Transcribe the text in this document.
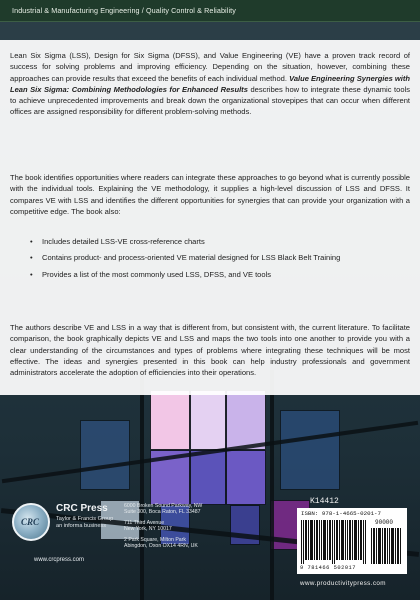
Industrial & Manufacturing Engineering / Quality Control & Reliability

Lean Six Sigma (LSS), Design for Six Sigma (DFSS), and Value Engineering (VE) have a proven track record of success for solving problems and improving efficiency. Depending on the situation, however, combining these approaches can provide results that exceed the benefits of each individual method. Value Engineering Synergies with Lean Six Sigma: Combining Methodologies for Enhanced Results describes how to integrate these dynamic tools to achieve unprecedented improvements and break down the organizational stovepipes that can occur when different offices are assigned responsibility for different problem-solving methods.

The book identifies opportunities where readers can integrate these approaches to go beyond what is currently possible with the individual tools. Explaining the VE methodology, it supplies a high-level discussion of LSS and DFSS. It compares VE with LSS and identifies the different opportunities for synergies that can provide your organization with a competitive edge. The book also:

• Includes detailed LSS-VE cross-reference charts
• Contains product- and process-oriented VE material designed for LSS Black Belt Training
• Provides a list of the most commonly used LSS, DFSS, and VE tools

The authors describe VE and LSS in a way that is different from, but consistent with, the current literature. To facilitate comparison, the book graphically depicts VE and LSS and maps the two tools into one another to provide you with a clear understanding of the circumstances and types of problems where integrating these techniques will be most effective. The ideas and synergies presented in this book can help industry professionals and government administrators accelerate the adoption of efficiencies into their operations.

CRC
CRC Press
Taylor & Francis Group
an informa business
www.crcpress.com
6000 Broken Sound Parkway, NW
Suite 300, Boca Raton, FL 33487
711 Third Avenue
New York, NY 10017
2 Park Square, Milton Park
Abingdon, Oxon OX14 4RN, UK
K14412
ISBN: 978-1-4665-0201-7
90000
9 781466 502017
www.productivitypress.com
